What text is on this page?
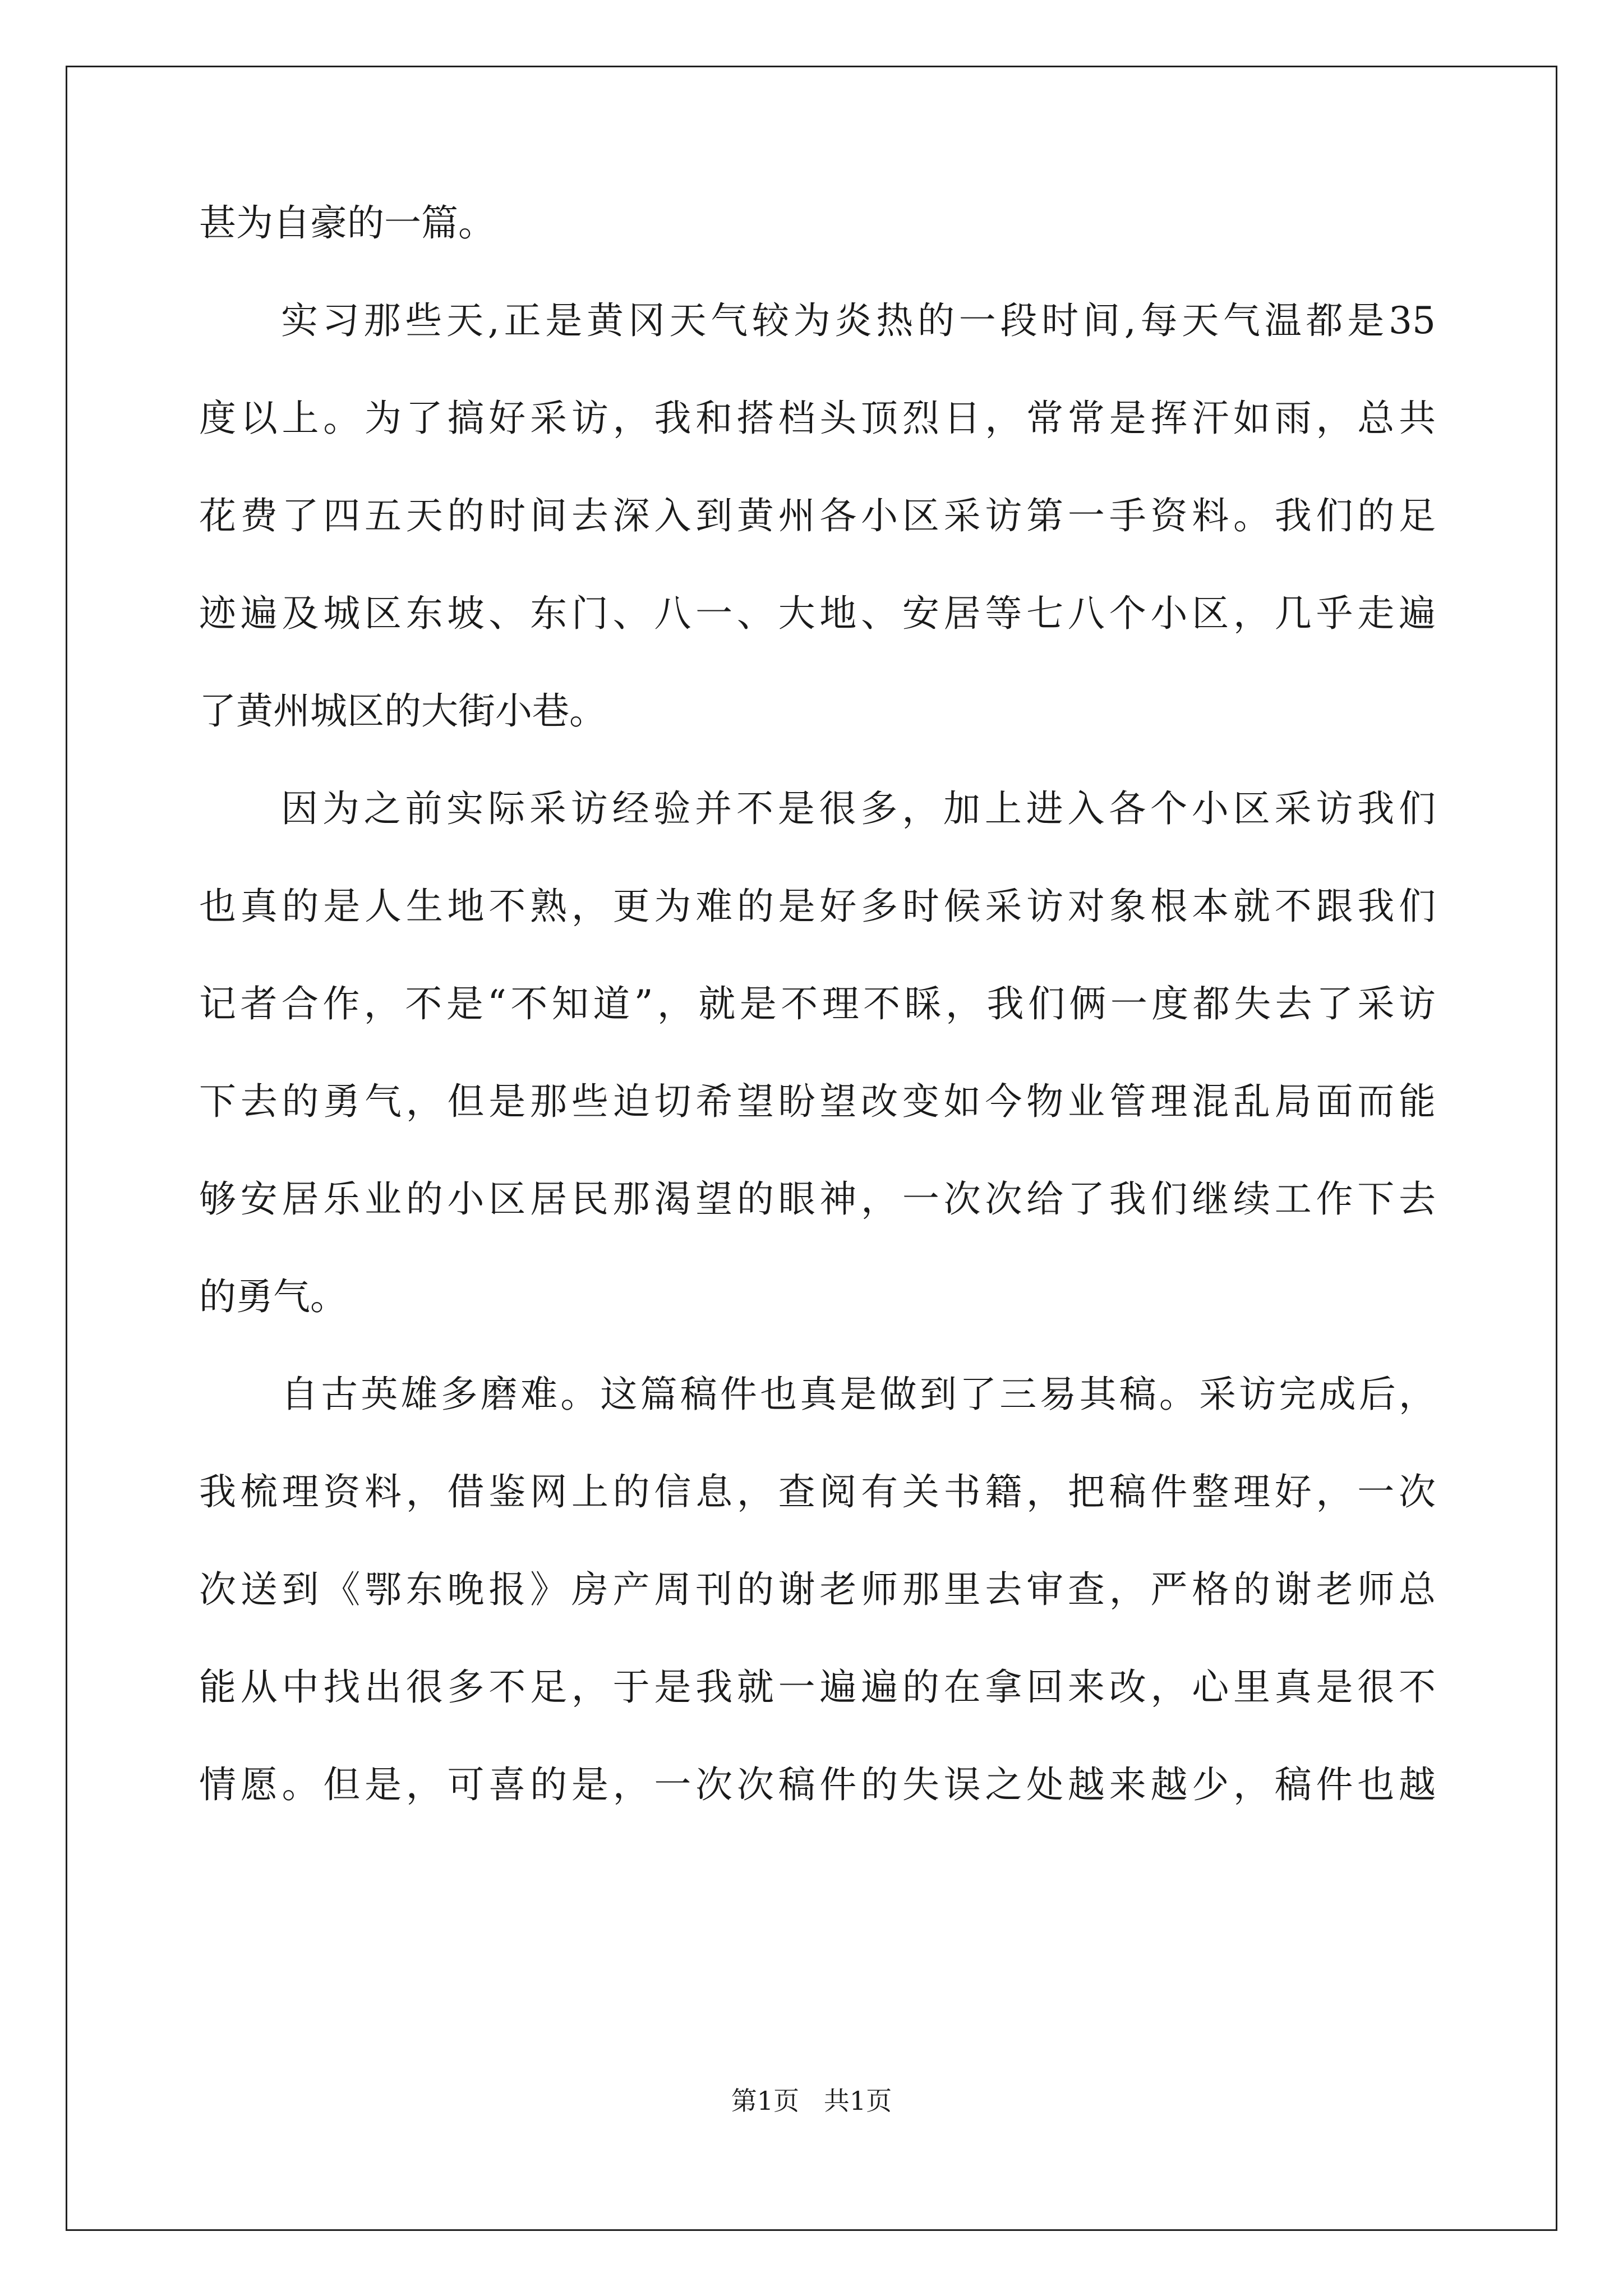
甚为自豪的一篇。
实习那些天,正是黄冈天气较为炎热的一段时间,每天气温都是35
度以上。为了搞好采访，我和搭档头顶烈日，常常是挥汗如雨，总共
花费了四五天的时间去深入到黄州各小区采访第一手资料。我们的足
迹遍及城区东坡、东门、八一、大地、安居等七八个小区，几乎走遍
了黄州城区的大街小巷。
因为之前实际采访经验并不是很多，加上进入各个小区采访我们
也真的是人生地不熟，更为难的是好多时候采访对象根本就不跟我们
记者合作，不是“不知道”，就是不理不睬，我们俩一度都失去了采访
下去的勇气，但是那些迫切希望盼望改变如今物业管理混乱局面而能
够安居乐业的小区居民那渴望的眼神，一次次给了我们继续工作下去
的勇气。
自古英雄多磨难。这篇稿件也真是做到了三易其稿。采访完成后，
我梳理资料，借鉴网上的信息，查阅有关书籍，把稿件整理好，一次
次送到《鄂东晚报》房产周刊的谢老师那里去审查，严格的谢老师总
能从中找出很多不足，于是我就一遍遍的在拿回来改，心里真是很不
情愿。但是，可喜的是，一次次稿件的失误之处越来越少，稿件也越
第1页   共1页
